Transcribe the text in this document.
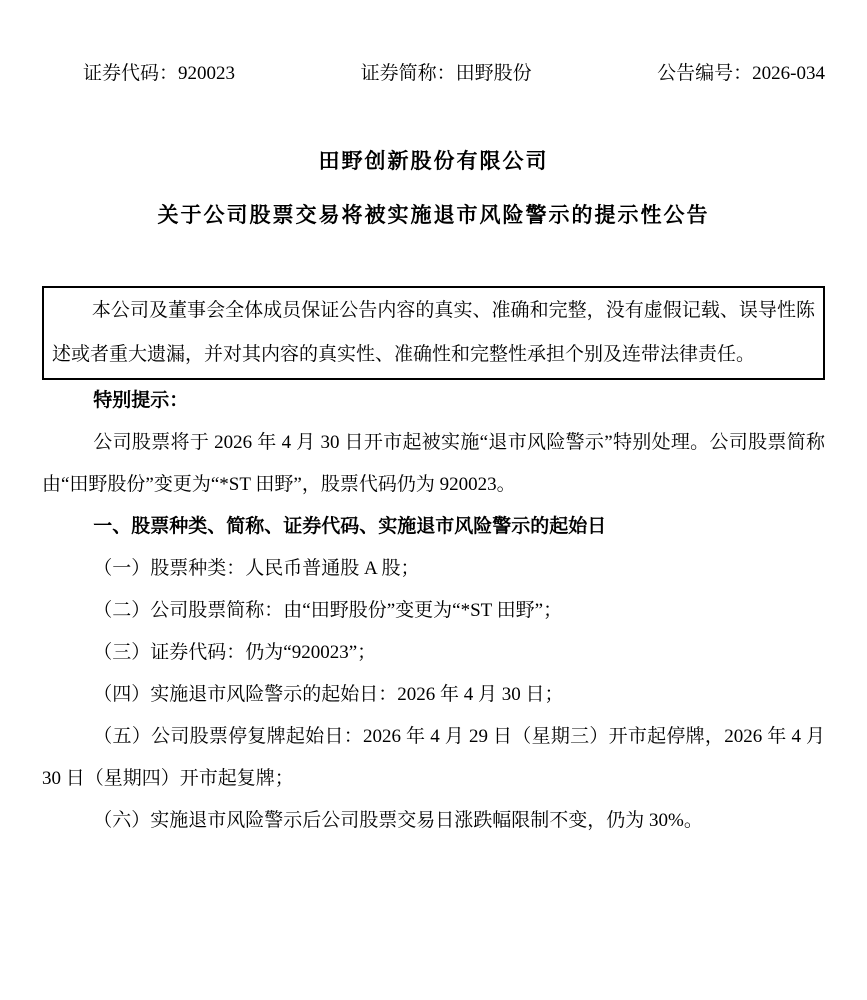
证券代码：920023	证券简称：田野股份	公告编号：2026-034
田野创新股份有限公司
关于公司股票交易将被实施退市风险警示的提示性公告

本公司及董事会全体成员保证公告内容的真实、准确和完整，没有虚假记载、误导性陈述或者重大遗漏，并对其内容的真实性、准确性和完整性承担个别及连带法律责任。

特别提示：

公司股票将于 2026 年 4 月 30 日开市起被实施“退市风险警示”特别处理。公司股票简称由“田野股份”变更为“*ST 田野”，股票代码仍为 920023。

一、股票种类、简称、证券代码、实施退市风险警示的起始日

（一）股票种类：人民币普通股 A 股；

（二）公司股票简称：由“田野股份”变更为“*ST 田野”；

（三）证券代码：仍为“920023”；

（四）实施退市风险警示的起始日：2026 年 4 月 30 日；

（五）公司股票停复牌起始日：2026 年 4 月 29 日（星期三）开市起停牌，2026 年 4 月 30 日（星期四）开市起复牌；

（六）实施退市风险警示后公司股票交易日涨跌幅限制不变，仍为 30%。
